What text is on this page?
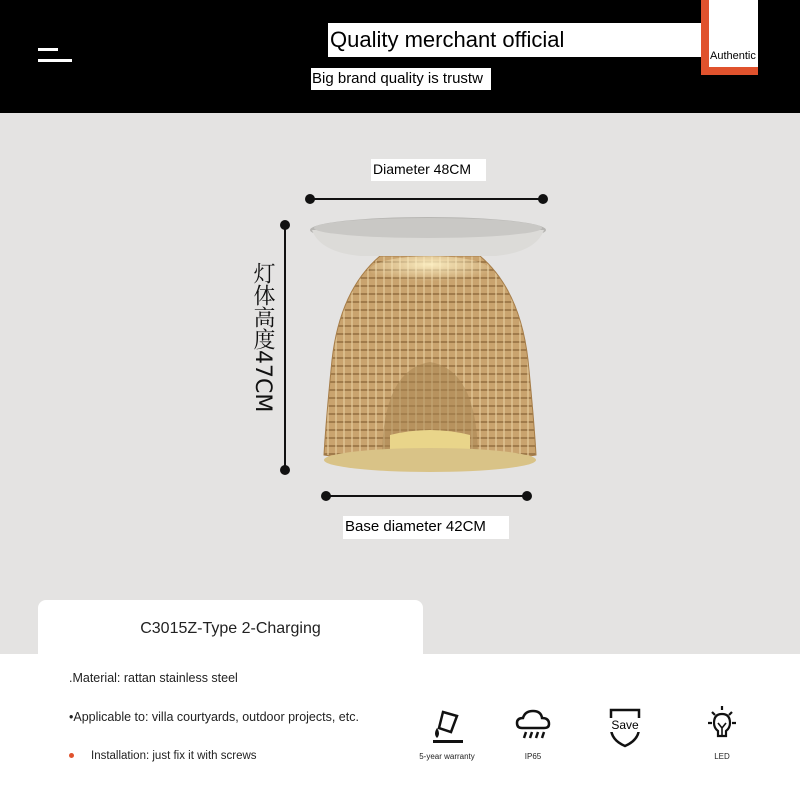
Quality merchant official
Big brand quality is trustw
Authentic
Diameter 48CM
灯体高度47CM
Base diameter 42CM
C3015Z-Type 2-Charging
.Material: rattan stainless steel
•Applicable to: villa courtyards, outdoor projects, etc.
Installation: just fix it with screws	5-year warranty	IP65
Save
LED
